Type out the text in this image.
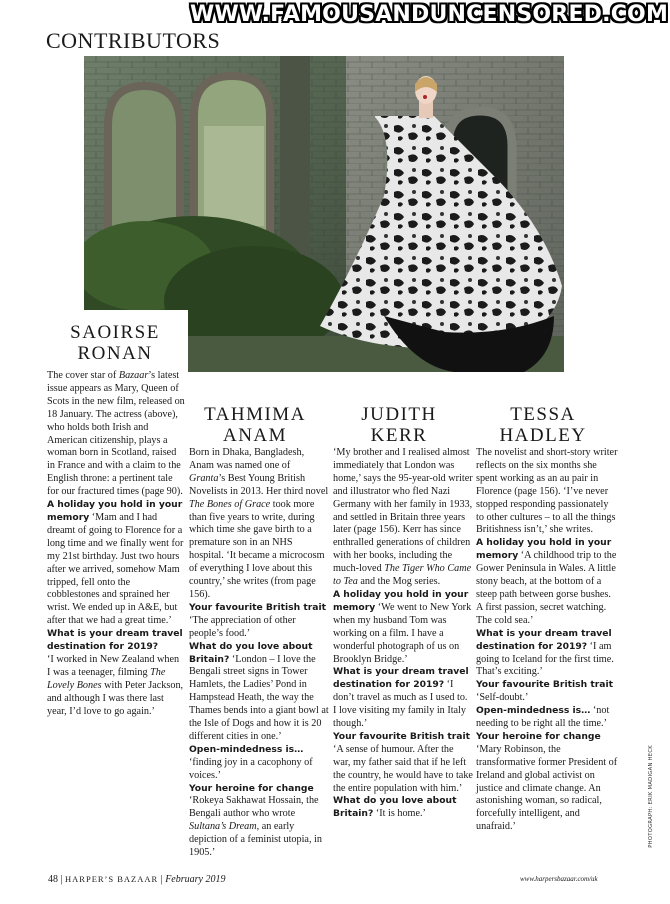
WWW.FAMOUSANDUNCENSORED.COM
CONTRIBUTORS
SAOIRSE
RONAN
The cover star of Bazaar’s latest issue appears as Mary, Queen of Scots in the new film, released on 18 January. The actress (above), who holds both Irish and American citizenship, plays a woman born in Scotland, raised in France and with a claim to the English throne: a pertinent tale for our fractured times (page 90).
A holiday you hold in your memory ‘Mam and I had dreamt of going to Florence for a long time and we finally went for my 21st birthday. Just two hours after we arrived, somehow Mam tripped, fell onto the cobblestones and sprained her wrist. We ended up in A&E, but after that we had a great time.’
What is your dream travel destination for 2019?
‘I worked in New Zealand when I was a teenager, filming The Lovely Bones with Peter Jackson, and although I was there last year, I’d love to go again.’
TAHMIMA
ANAM
Born in Dhaka, Bangladesh, Anam was named one of Granta’s Best Young British Novelists in 2013. Her third novel The Bones of Grace took more than five years to write, during which time she gave birth to a premature son in an NHS hospital. ‘It became a microcosm of everything I love about this country,’ she writes (from page 156).
Your favourite British trait
‘The appreciation of other people’s food.’
What do you love about Britain? ‘London – I love the Bengali street signs in Tower Hamlets, the Ladies’ Pond in Hampstead Heath, the way the Thames bends into a giant bowl at the Isle of Dogs and how it is 20 different cities in one.’
Open-mindedness is… ‘finding joy in a cacophony of voices.’
Your heroine for change
‘Rokeya Sakhawat Hossain, the Bengali author who wrote Sultana’s Dream, an early depiction of a feminist utopia, in 1905.’
JUDITH
KERR
‘My brother and I realised almost immediately that London was home,’ says the 95-year-old writer and illustrator who fled Nazi Germany with her family in 1933, and settled in Britain three years later (page 156). Kerr has since enthralled generations of children with her books, including the much-loved The Tiger Who Came to Tea and the Mog series.
A holiday you hold in your memory ‘We went to New York when my husband Tom was working on a film. I have a wonderful photograph of us on Brooklyn Bridge.’
What is your dream travel destination for 2019? ‘I don’t travel as much as I used to. I love visiting my family in Italy though.’
Your favourite British trait ‘A sense of humour. After the war, my father said that if he left the country, he would have to take the entire population with him.’
What do you love about Britain? ‘It is home.’
TESSA
HADLEY
The novelist and short-story writer reflects on the six months she spent working as an au pair in Florence (page 156). ‘I’ve never stopped responding passionately to other cultures – to all the things Britishness isn’t,’ she writes.
A holiday you hold in your memory ‘A childhood trip to the Gower Peninsula in Wales. A little stony beach, at the bottom of a steep path between gorse bushes. A first passion, secret watching. The cold sea.’
What is your dream travel destination for 2019? ‘I am going to Iceland for the first time. That’s exciting.’
Your favourite British trait
‘Self-doubt.’
Open-mindedness is… ‘not needing to be right all the time.’
Your heroine for change
‘Mary Robinson, the transformative former President of Ireland and global activist on justice and climate change. An astonishing woman, so radical, forcefully intelligent, and unafraid.’	PHOTOGRAPH: ERIK MADIGAN HECK
48 | HARPER’S BAZAAR | February 2019	www.harpersbazaar.com/uk
